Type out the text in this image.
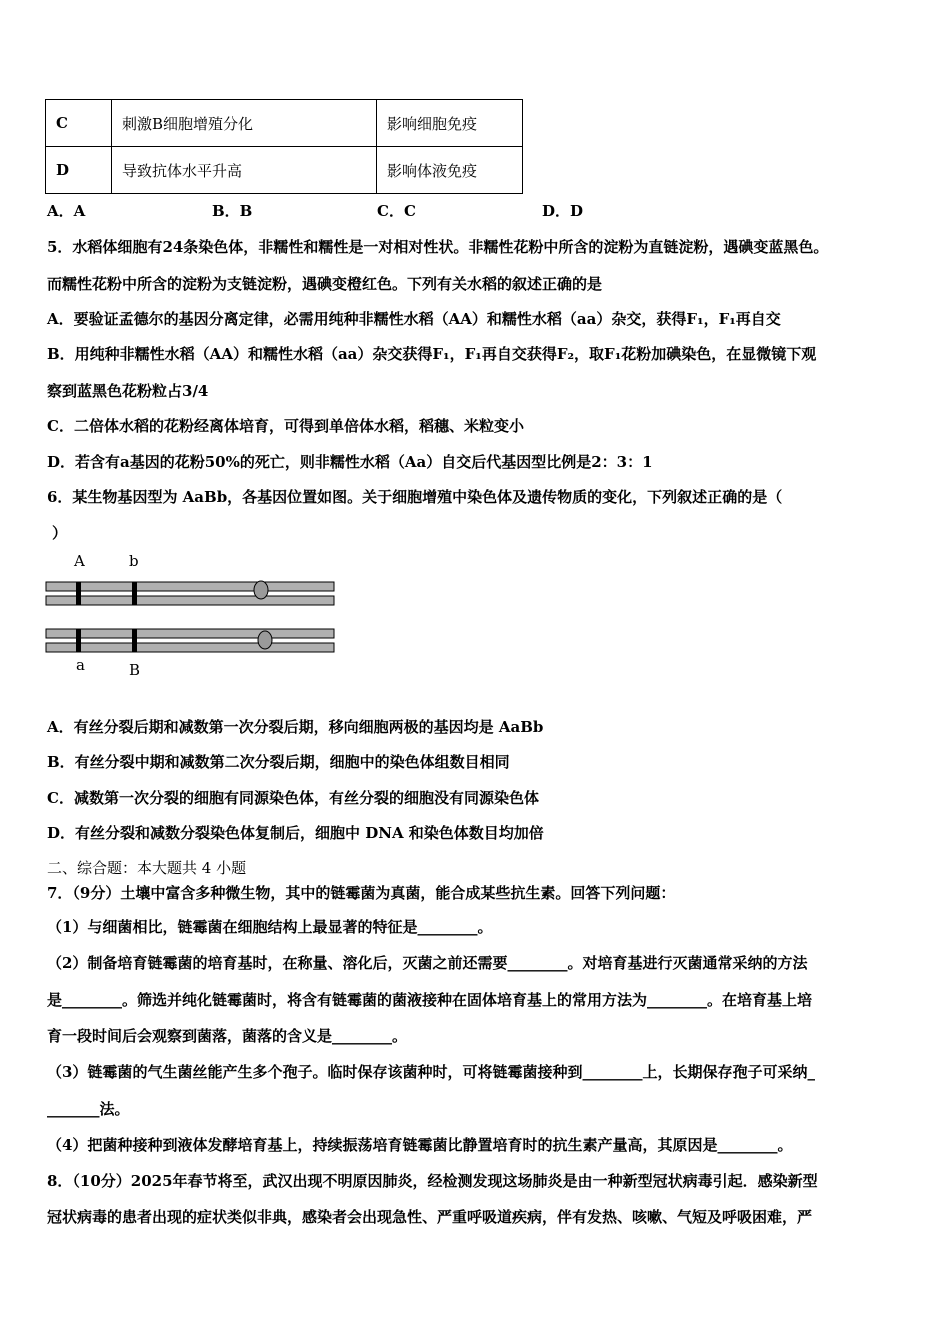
C	刺激B细胞增殖分化	影响细胞免疫
D	导致抗体水平升高	影响体液免疫
A．A	B．B	C．C	D．D
5．水稻体细胞有24条染色体，非糯性和糯性是一对相对性状。非糯性花粉中所含的淀粉为直链淀粉，遇碘变蓝黑色。
而糯性花粉中所含的淀粉为支链淀粉，遇碘变橙红色。下列有关水稻的叙述正确的是
A．要验证孟德尔的基因分离定律，必需用纯种非糯性水稻（AA）和糯性水稻（aa）杂交，获得F₁，F₁再自交
B．用纯种非糯性水稻（AA）和糯性水稻（aa）杂交获得F₁，F₁再自交获得F₂，取F₁花粉加碘染色，在显微镜下观
察到蓝黑色花粉粒占3/4
C．二倍体水稻的花粉经离体培育，可得到单倍体水稻，稻穗、米粒变小
D．若含有a基因的花粉50%的死亡，则非糯性水稻（Aa）自交后代基因型比例是2：3：1
6．某生物基因型为 AaBb，各基因位置如图。关于细胞增殖中染色体及遗传物质的变化，下列叙述正确的是（
）
A	b
a	B
A．有丝分裂后期和减数第一次分裂后期，移向细胞两极的基因均是 AaBb
B．有丝分裂中期和减数第二次分裂后期，细胞中的染色体组数目相同
C．减数第一次分裂的细胞有同源染色体，有丝分裂的细胞没有同源染色体
D．有丝分裂和减数分裂染色体复制后，细胞中 DNA 和染色体数目均加倍
二、综合题：本大题共 4 小题
7．（9分）土壤中富含多种微生物，其中的链霉菌为真菌，能合成某些抗生素。回答下列问题：
（1）与细菌相比，链霉菌在细胞结构上最显著的特征是________。
（2）制备培育链霉菌的培育基时，在称量、溶化后，灭菌之前还需要________。对培育基进行灭菌通常采纳的方法
是________。筛选并纯化链霉菌时，将含有链霉菌的菌液接种在固体培育基上的常用方法为________。在培育基上培
育一段时间后会观察到菌落，菌落的含义是________。
（3）链霉菌的气生菌丝能产生多个孢子。临时保存该菌种时，可将链霉菌接种到________上，长期保存孢子可采纳_
_______法。
（4）把菌种接种到液体发酵培育基上，持续振荡培育链霉菌比静置培育时的抗生素产量高，其原因是________。
8．（10分）2025年春节将至，武汉出现不明原因肺炎，经检测发现这场肺炎是由一种新型冠状病毒引起．感染新型
冠状病毒的患者出现的症状类似非典，感染者会出现急性、严重呼吸道疾病，伴有发热、咳嗽、气短及呼吸困难，严
